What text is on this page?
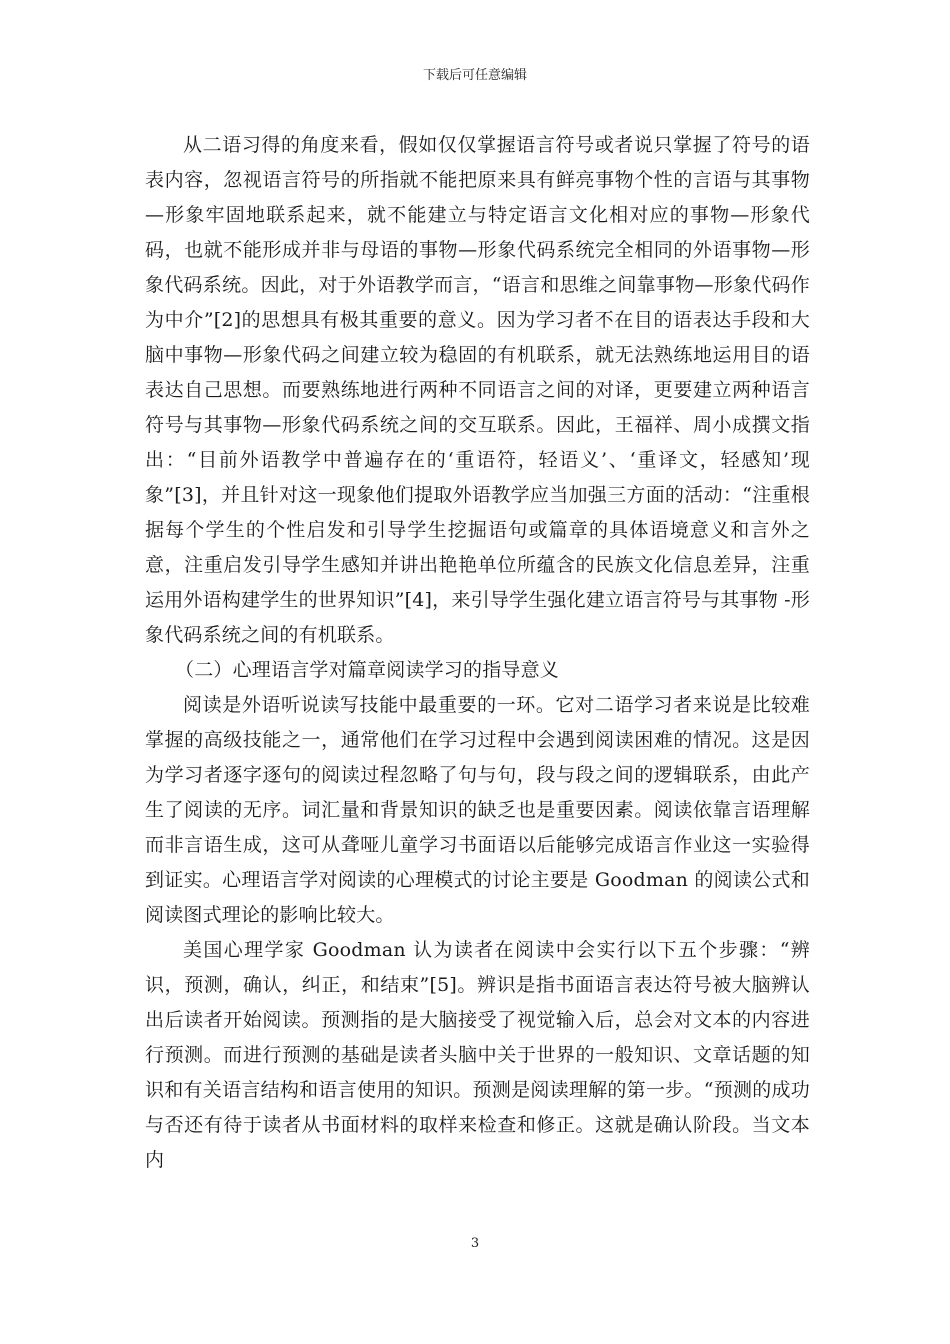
下载后可任意编辑

从二语习得的角度来看，假如仅仅掌握语言符号或者说只掌握了符号的语表内容，忽视语言符号的所指就不能把原来具有鲜亮事物个性的言语与其事物—形象牢固地联系起来，就不能建立与特定语言文化相对应的事物—形象代码，也就不能形成并非与母语的事物—形象代码系统完全相同的外语事物—形象代码系统。因此，对于外语教学而言，“语言和思维之间靠事物—形象代码作为中介”[2]的思想具有极其重要的意义。因为学习者不在目的语表达手段和大脑中事物—形象代码之间建立较为稳固的有机联系，就无法熟练地运用目的语表达自己思想。而要熟练地进行两种不同语言之间的对译，更要建立两种语言符号与其事物—形象代码系统之间的交互联系。因此，王福祥、周小成撰文指出：“目前外语教学中普遍存在的‘重语符，轻语义’、‘重译文，轻感知’现象”[3]，并且针对这一现象他们提取外语教学应当加强三方面的活动：“注重根据每个学生的个性启发和引导学生挖掘语句或篇章的具体语境意义和言外之意，注重启发引导学生感知并讲出艳艳单位所蕴含的民族文化信息差异，注重运用外语构建学生的世界知识”[4]，来引导学生强化建立语言符号与其事物 -形象代码系统之间的有机联系。

（二）心理语言学对篇章阅读学习的指导意义

阅读是外语听说读写技能中最重要的一环。它对二语学习者来说是比较难掌握的高级技能之一，通常他们在学习过程中会遇到阅读困难的情况。这是因为学习者逐字逐句的阅读过程忽略了句与句，段与段之间的逻辑联系，由此产生了阅读的无序。词汇量和背景知识的缺乏也是重要因素。阅读依靠言语理解而非言语生成，这可从聋哑儿童学习书面语以后能够完成语言作业这一实验得到证实。心理语言学对阅读的心理模式的讨论主要是 Goodman 的阅读公式和阅读图式理论的影响比较大。

美国心理学家 Goodman 认为读者在阅读中会实行以下五个步骤：“辨识，预测，确认，纠正，和结束”[5]。辨识是指书面语言表达符号被大脑辨认出后读者开始阅读。预测指的是大脑接受了视觉输入后，总会对文本的内容进行预测。而进行预测的基础是读者头脑中关于世界的一般知识、文章话题的知识和有关语言结构和语言使用的知识。预测是阅读理解的第一步。“预测的成功与否还有待于读者从书面材料的取样来检查和修正。这就是确认阶段。当文本内

3
